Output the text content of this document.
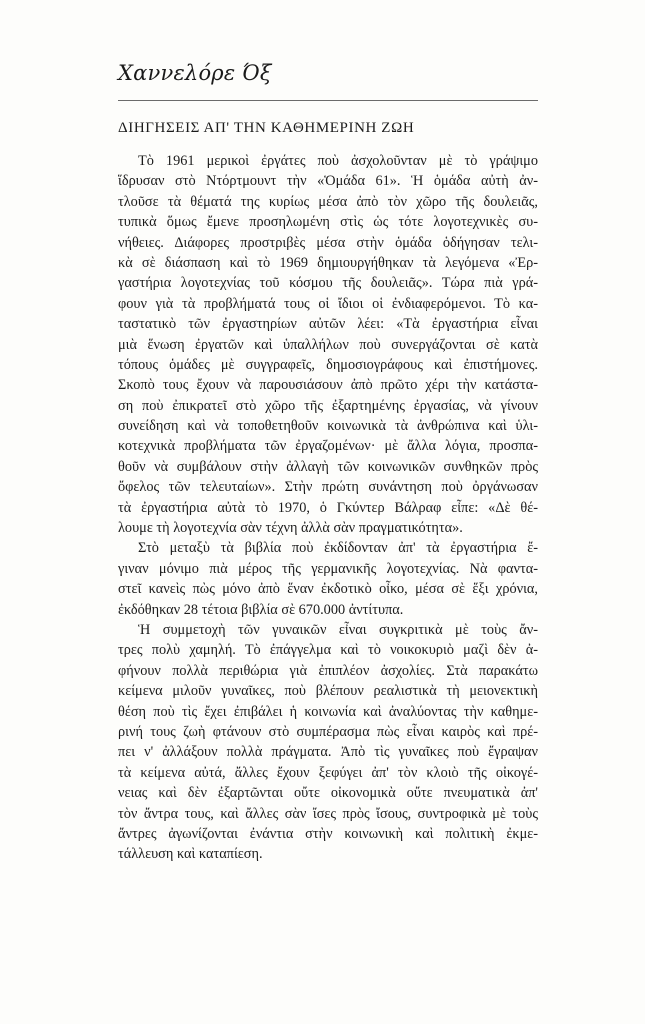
Χαννελόρε Όξ
ΔΙΗΓΗΣΕΙΣ ΑΠ' ΤΗΝ ΚΑΘΗΜΕΡΙΝΗ ΖΩΗ
Τὸ 1961 μερικοὶ ἐργάτες ποὺ ἀσχολοῦνταν μὲ τὸ γράψιμο
ἵδρυσαν στὸ Ντόρτμουντ τὴν «Ὁμάδα 61». Ἡ ὁμάδα αὐτὴ ἀν-
τλοῦσε τὰ θέματά της κυρίως μέσα ἀπὸ τὸν χῶρο τῆς δουλειᾶς,
τυπικὰ ὅμως ἔμενε προσηλωμένη στὶς ὡς τότε λογοτεχνικὲς συ-
νήθειες. Διάφορες προστριβὲς μέσα στὴν ὁμάδα ὁδήγησαν τελι-
κὰ σὲ διάσπαση καὶ τὸ 1969 δημιουργήθηκαν τὰ λεγόμενα «Ἐρ-
γαστήρια λογοτεχνίας τοῦ κόσμου τῆς δουλειᾶς». Τώρα πιὰ γρά-
φουν γιὰ τὰ προβλήματά τους οἱ ἴδιοι οἱ ἐνδιαφερόμενοι. Τὸ κα-
ταστατικὸ τῶν ἐργαστηρίων αὐτῶν λέει: «Τὰ ἐργαστήρια εἶναι
μιὰ ἕνωση ἐργατῶν καὶ ὑπαλλήλων ποὺ συνεργάζονται σὲ κατὰ
τόπους ὁμάδες μὲ συγγραφεῖς, δημοσιογράφους καὶ ἐπιστήμονες.
Σκοπὸ τους ἔχουν νὰ παρουσιάσουν ἀπὸ πρῶτο χέρι τὴν κατάστα-
ση ποὺ ἐπικρατεῖ στὸ χῶρο τῆς ἐξαρτημένης ἐργασίας, νὰ γίνουν
συνείδηση καὶ νὰ τοποθετηθοῦν κοινωνικὰ τὰ ἀνθρώπινα καὶ ὑλι-
κοτεχνικὰ προβλήματα τῶν ἐργαζομένων· μὲ ἄλλα λόγια, προσπα-
θοῦν νὰ συμβάλουν στὴν ἀλλαγὴ τῶν κοινωνικῶν συνθηκῶν πρὸς
ὄφελος τῶν τελευταίων». Στὴν πρώτη συνάντηση ποὺ ὀργάνωσαν
τὰ ἐργαστήρια αὐτὰ τὸ 1970, ὁ Γκύντερ Βάλραφ εἶπε: «Δὲ θέ-
λουμε τὴ λογοτεχνία σὰν τέχνη ἀλλὰ σὰν πραγματικότητα».
Στὸ μεταξὺ τὰ βιβλία ποὺ ἐκδίδονταν ἀπ' τὰ ἐργαστήρια ἔ-
γιναν μόνιμο πιὰ μέρος τῆς γερμανικῆς λογοτεχνίας. Νὰ φαντα-
στεῖ κανεὶς πὼς μόνο ἀπὸ ἕναν ἐκδοτικὸ οἶκο, μέσα σὲ ἕξι χρόνια,
ἐκδόθηκαν 28 τέτοια βιβλία σὲ 670.000 ἀντίτυπα.
Ἡ συμμετοχὴ τῶν γυναικῶν εἶναι συγκριτικὰ μὲ τοὺς ἄν-
τρες πολὺ χαμηλή. Τὸ ἐπάγγελμα καὶ τὸ νοικοκυριὸ μαζὶ δὲν ἀ-
φήνουν πολλὰ περιθώρια γιὰ ἐπιπλέον ἀσχολίες. Στὰ παρακάτω
κείμενα μιλοῦν γυναῖκες, ποὺ βλέπουν ρεαλιστικὰ τὴ μειονεκτικὴ
θέση ποὺ τὶς ἔχει ἐπιβάλει ἡ κοινωνία καὶ ἀναλύοντας τὴν καθημε-
ρινή τους ζωὴ φτάνουν στὸ συμπέρασμα πὼς εἶναι καιρὸς καὶ πρέ-
πει ν' ἀλλάξουν πολλὰ πράγματα. Ἀπὸ τὶς γυναῖκες ποὺ ἔγραψαν
τὰ κείμενα αὐτά, ἄλλες ἔχουν ξεφύγει ἀπ' τὸν κλοιὸ τῆς οἰκογέ-
νειας καὶ δὲν ἐξαρτῶνται οὔτε οἰκονομικὰ οὔτε πνευματικὰ ἀπ'
τὸν ἄντρα τους, καὶ ἄλλες σὰν ἴσες πρὸς ἴσους, συντροφικὰ μὲ τοὺς
ἄντρες ἀγωνίζονται ἐνάντια στὴν κοινωνικὴ καὶ πολιτικὴ ἐκμε-
τάλλευση καὶ καταπίεση.
